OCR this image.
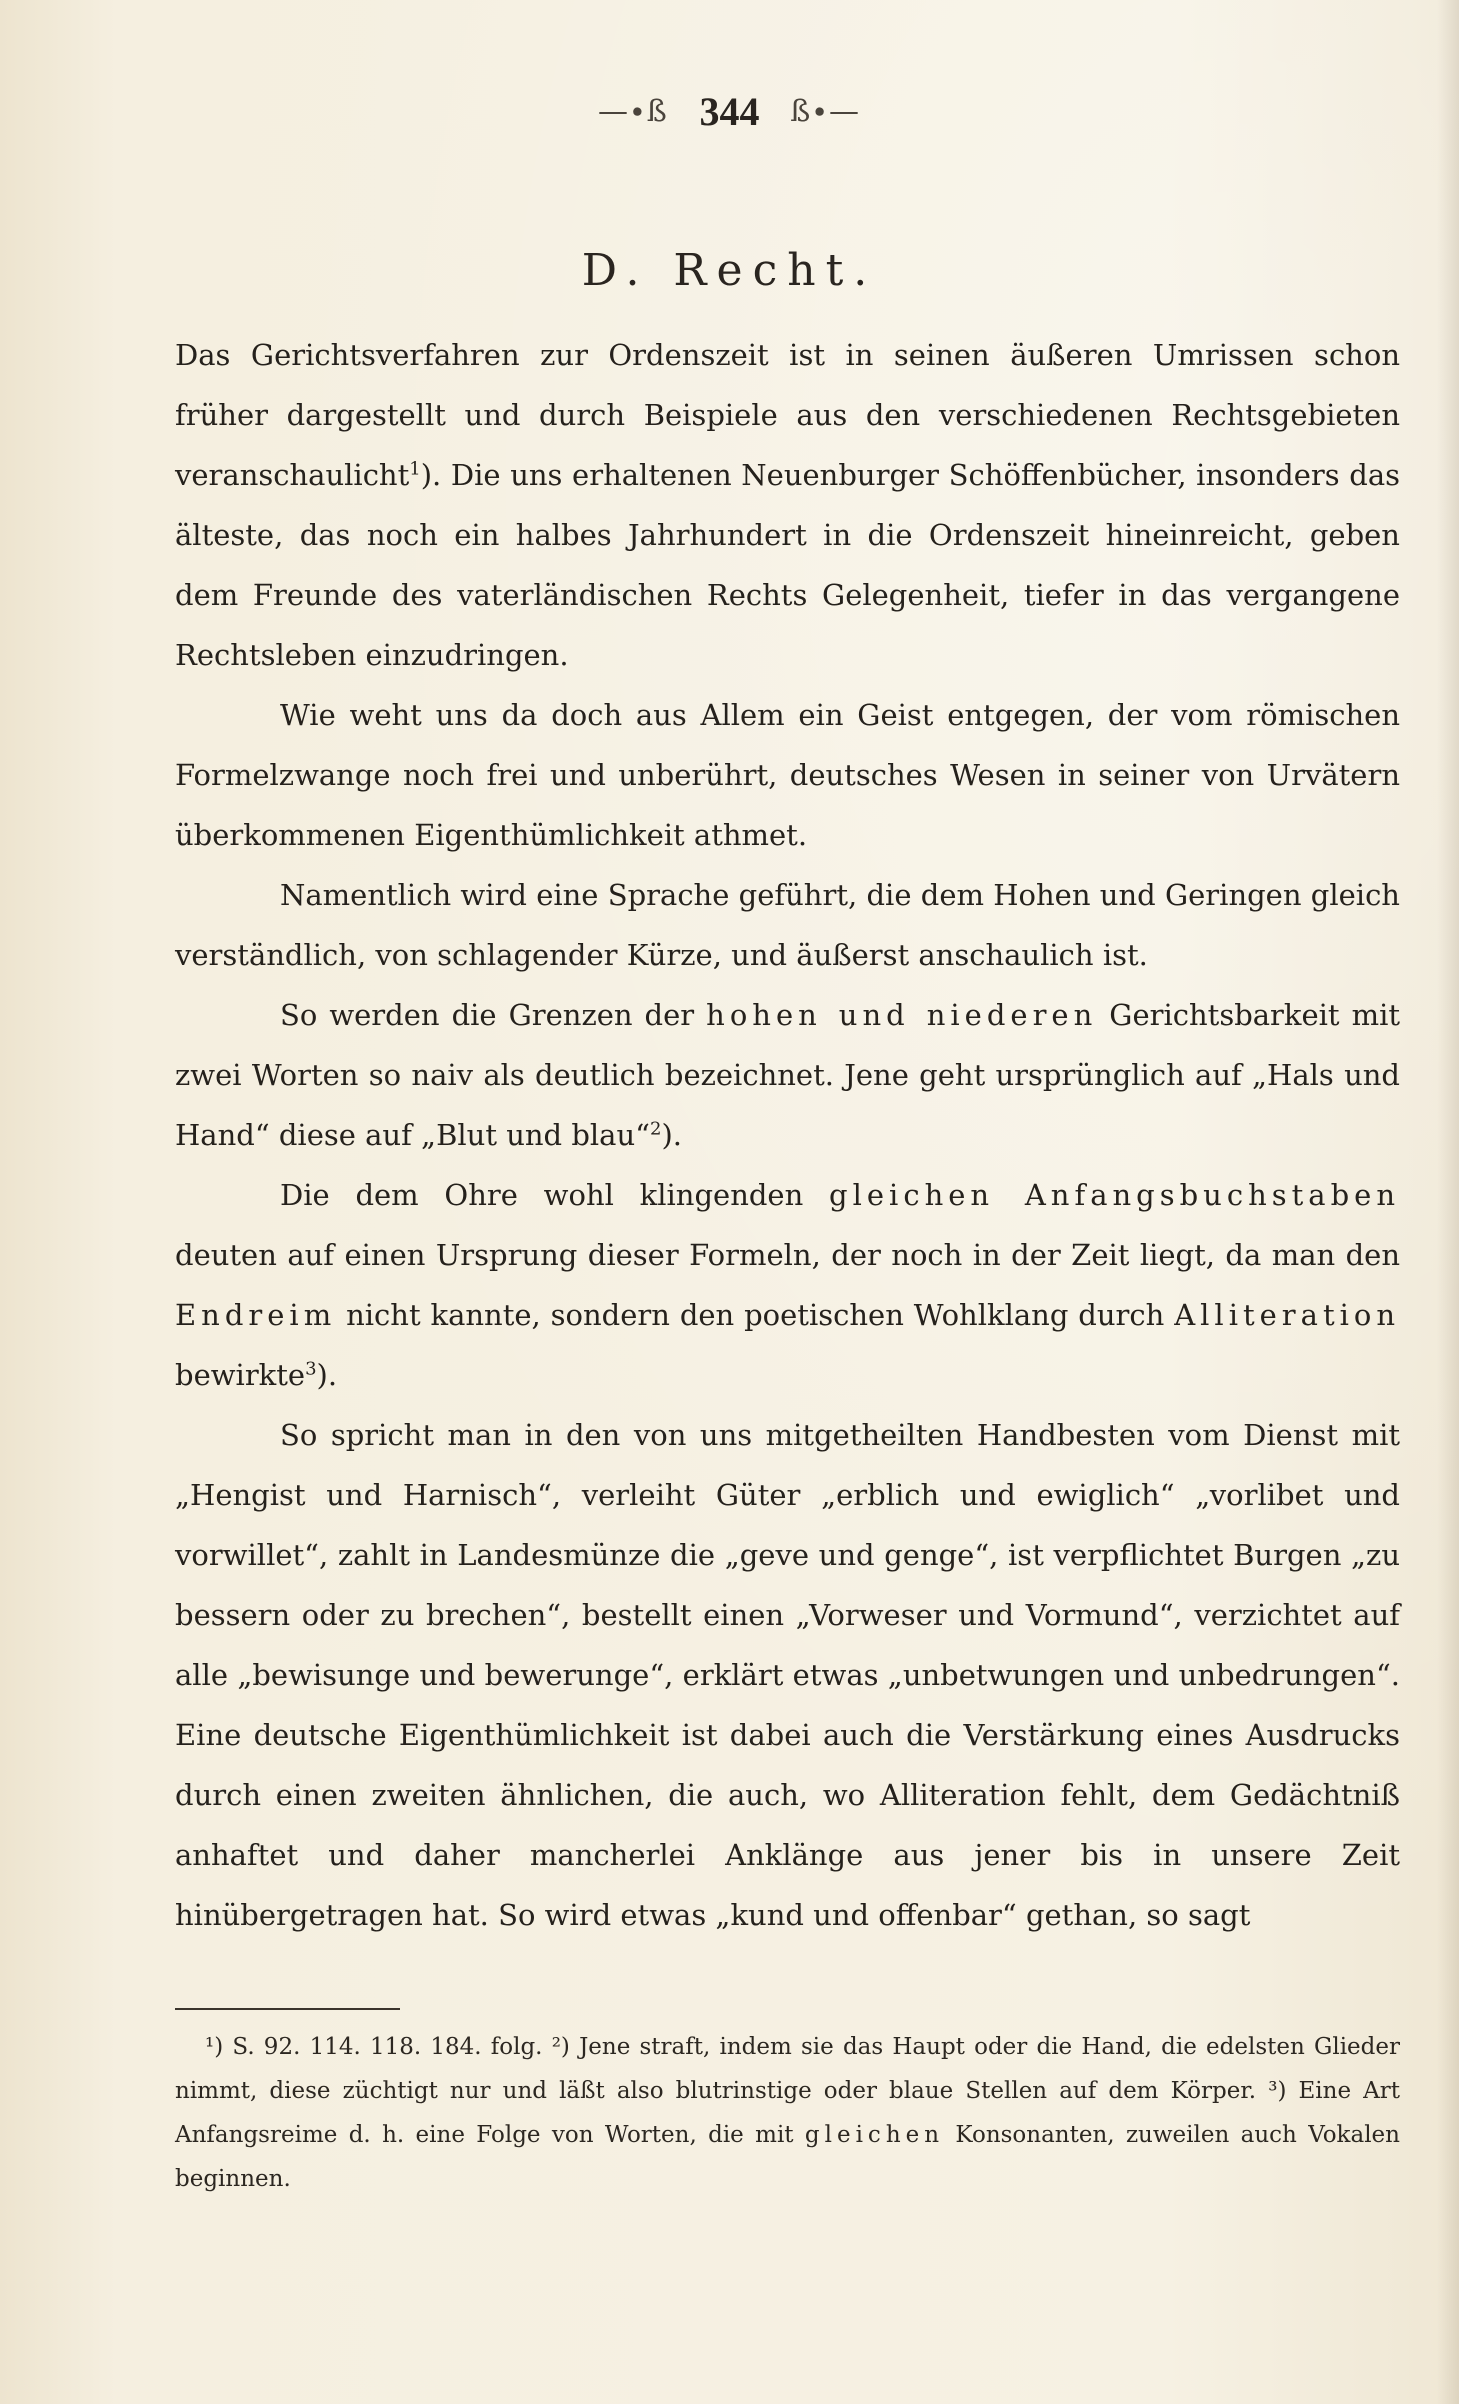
—∙ß 344 ß∙—
D. Recht.

Das Gerichtsverfahren zur Ordenszeit ist in seinen äußeren Umrissen schon früher dargestellt und durch Beispiele aus den verschiedenen Rechtsgebieten veranschaulicht$^1$). Die uns erhaltenen Neuenburger Schöffenbücher, insonders das älteste, das noch ein halbes Jahrhundert in die Ordenszeit hineinreicht, geben dem Freunde des vaterländischen Rechts Gelegenheit, tiefer in das vergangene Rechtsleben einzudringen.

Wie weht uns da doch aus Allem ein Geist entgegen, der vom römischen Formelzwange noch frei und unberührt, deutsches Wesen in seiner von Urvätern überkommenen Eigenthümlichkeit athmet.

Namentlich wird eine Sprache geführt, die dem Hohen und Geringen gleich verständlich, von schlagender Kürze, und äußerst anschaulich ist.

So werden die Grenzen der hohen und niederen Gerichtsbarkeit mit zwei Worten so naiv als deutlich bezeichnet. Jene geht ursprünglich auf „Hals und Hand“ diese auf „Blut und blau“$^2$).

Die dem Ohre wohl klingenden gleichen Anfangsbuchstaben deuten auf einen Ursprung dieser Formeln, der noch in der Zeit liegt, da man den Endreim nicht kannte, sondern den poetischen Wohlklang durch Alliteration bewirkte$^3$).

So spricht man in den von uns mitgetheilten Handbesten vom Dienst mit „Hengist und Harnisch“, verleiht Güter „erblich und ewiglich“ „vorlibet und vorwillet“, zahlt in Landesmünze die „geve und genge“, ist verpflichtet Burgen „zu bessern oder zu brechen“, bestellt einen „Vorweser und Vormund“, verzichtet auf alle „bewisunge und bewerunge“, erklärt etwas „unbetwungen und unbedrungen“. Eine deutsche Eigenthümlichkeit ist dabei auch die Verstärkung eines Ausdrucks durch einen zweiten ähnlichen, die auch, wo Alliteration fehlt, dem Gedächtniß anhaftet und daher mancherlei Anklänge aus jener bis in unsere Zeit hinübergetragen hat. So wird etwas „kund und offenbar“ gethan, so sagt

¹) S. 92. 114. 118. 184. folg. ²) Jene straft, indem sie das Haupt oder die Hand, die edelsten Glieder nimmt, diese züchtigt nur und läßt also blutrinstige oder blaue Stellen auf dem Körper. ³) Eine Art Anfangsreime d. h. eine Folge von Worten, die mit gleichen Konsonanten, zuweilen auch Vokalen beginnen.
